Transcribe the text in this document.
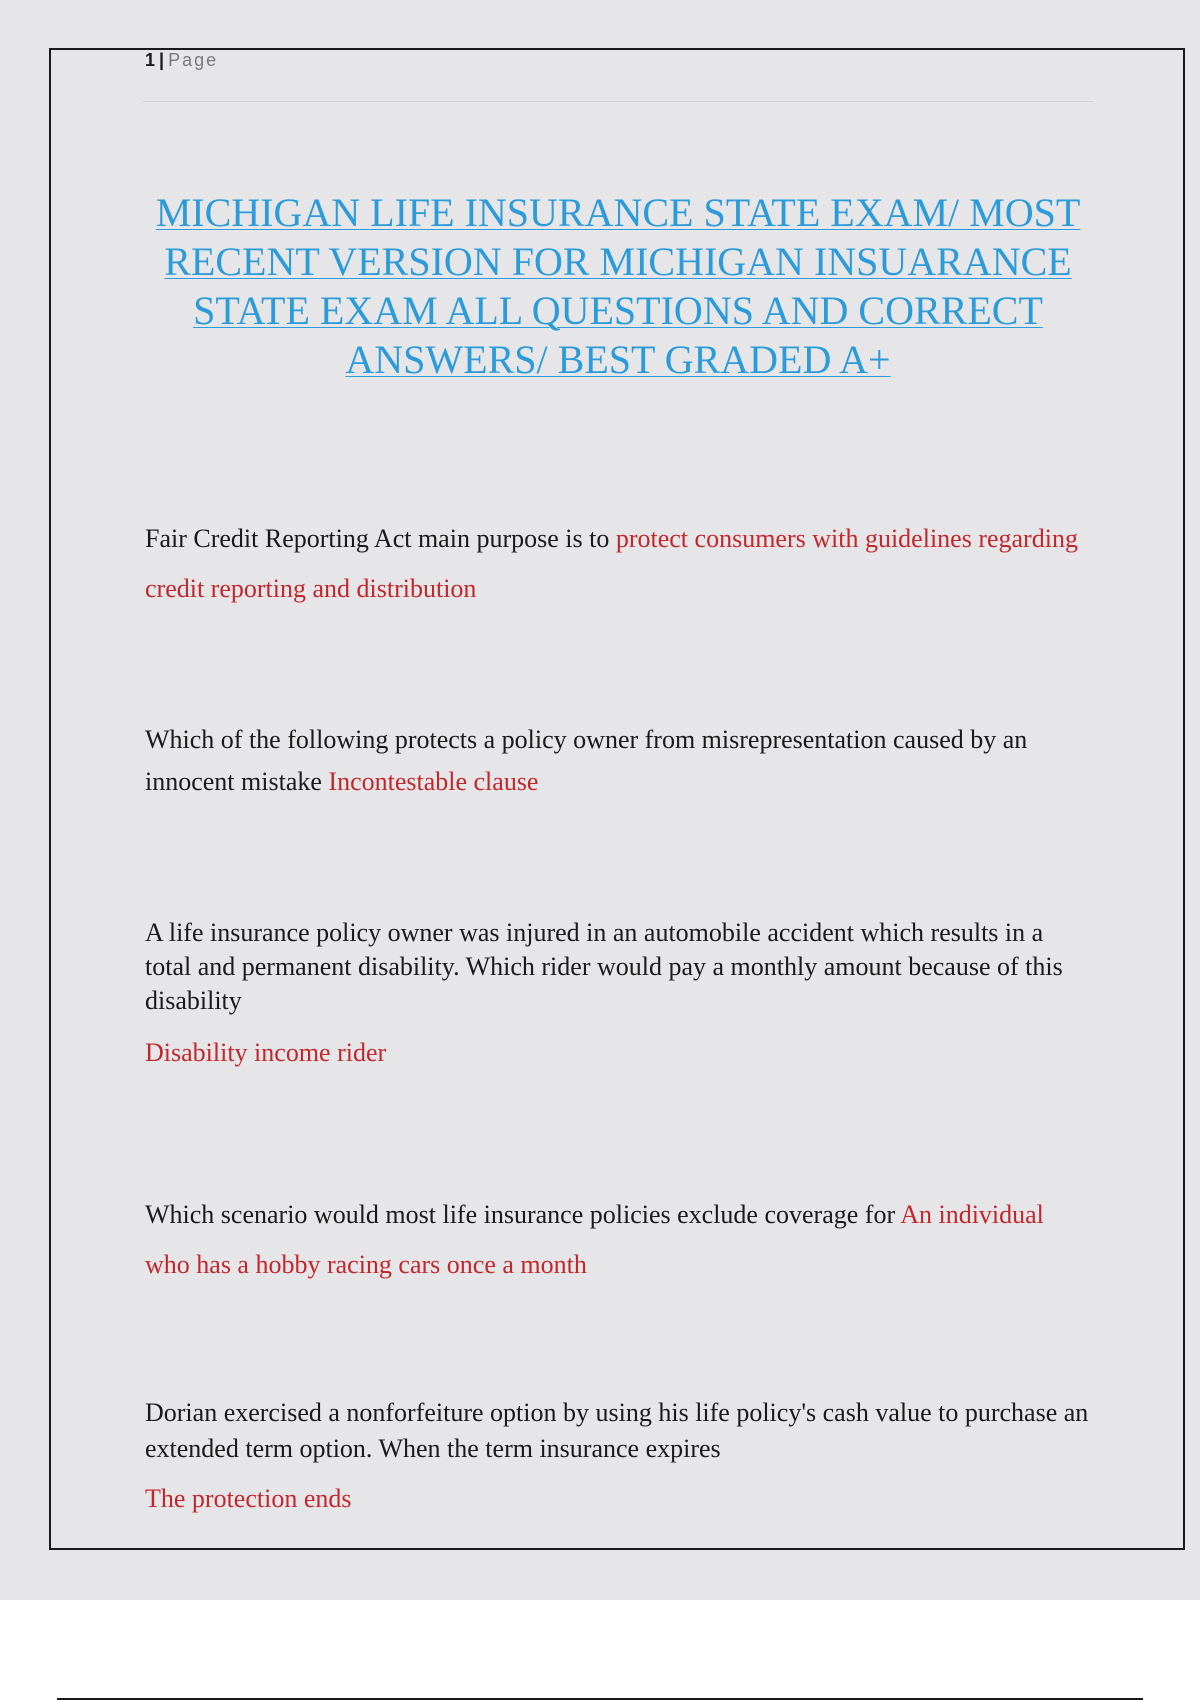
1 | Page
MICHIGAN LIFE INSURANCE STATE EXAM/ MOST RECENT VERSION FOR MICHIGAN INSUARANCE STATE EXAM ALL QUESTIONS AND CORRECT ANSWERS/ BEST GRADED A+
Fair Credit Reporting Act main purpose is to protect consumers with guidelines regarding credit reporting and distribution
Which of the following protects a policy owner from misrepresentation caused by an innocent mistake Incontestable clause
A life insurance policy owner was injured in an automobile accident which results in a total and permanent disability. Which rider would pay a monthly amount because of this disability
Disability income rider
Which scenario would most life insurance policies exclude coverage for An individual who has a hobby racing cars once a month
Dorian exercised a nonforfeiture option by using his life policy's cash value to purchase an extended term option. When the term insurance expires
The protection ends
